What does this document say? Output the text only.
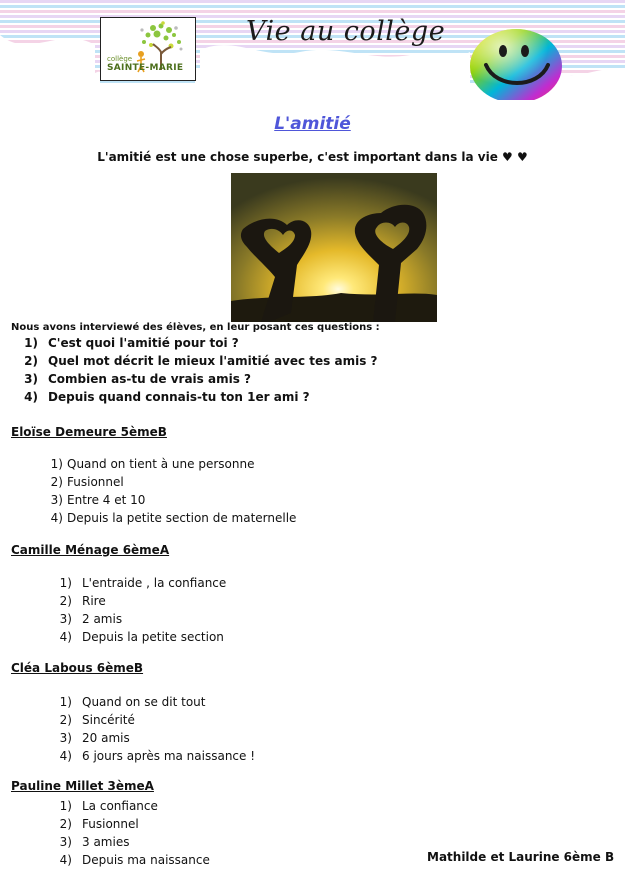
collège
SAINTE-MARIE
Vie au collège
L'amitié
L'amitié est une chose superbe, c'est important dans la vie ♥ ♥
Nous avons interviewé des élèves, en leur posant ces questions :
1) C'est quoi l'amitié pour toi ?
2) Quel mot décrit le mieux l'amitié avec tes amis ?
3) Combien as-tu de vrais amis ?
4) Depuis quand connais-tu ton 1er ami ?
Eloïse Demeure 5èmeB
1) Quand on tient à une personne
2) Fusionnel
3) Entre 4 et 10
4) Depuis la petite section de maternelle
Camille Ménage 6èmeA
1) L'entraide , la confiance
2) Rire
3) 2 amis
4) Depuis la petite section
Cléa Labous 6èmeB
1) Quand on se dit tout
2) Sincérité
3) 20 amis
4) 6 jours après ma naissance !
Pauline Millet 3èmeA
1) La confiance
2) Fusionnel
3) 3 amies
4) Depuis ma naissance	Mathilde et Laurine 6ème B
